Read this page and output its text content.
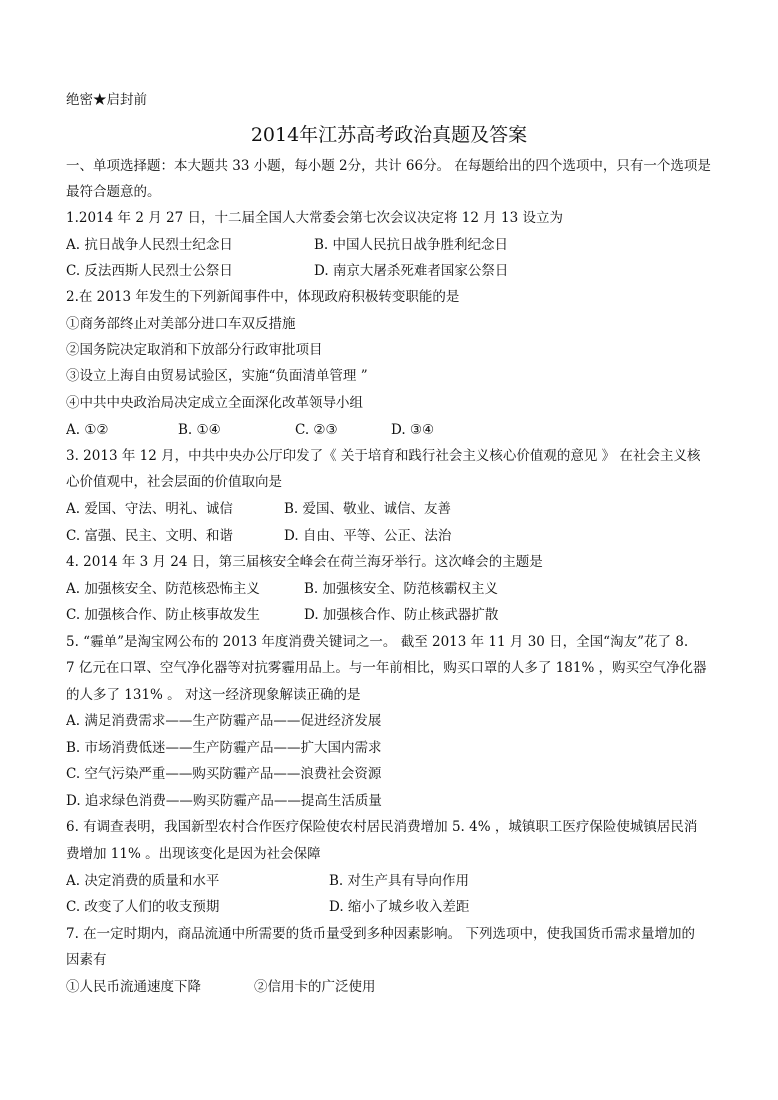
绝密★启封前
2014年江苏高考政治真题及答案
一、单项选择题：本大题共 33 小题，每小题 2分，共计 66分。 在每题给出的四个选项中，只有一个选项是
最符合题意的。
1.2014 年 2 月 27 日，十二届全国人大常委会第七次会议决定将 12 月 13 设立为
A. 抗日战争人民烈士纪念日	B. 中国人民抗日战争胜利纪念日
C. 反法西斯人民烈士公祭日	D. 南京大屠杀死难者国家公祭日
2.在 2013 年发生的下列新闻事件中，体现政府积极转变职能的是
①商务部终止对美部分进口车双反措施
②国务院决定取消和下放部分行政审批项目
③设立上海自由贸易试验区，实施“负面清单管理 ”
④中共中央政治局决定成立全面深化改革领导小组
A. ①②	B. ①④	C. ②③	D. ③④
3. 2013 年 12 月，中共中央办公厅印发了《 关于培育和践行社会主义核心价值观的意见 》 在社会主义核
心价值观中，社会层面的价值取向是
A. 爱国、守法、明礼、诚信	B. 爱国、敬业、诚信、友善
C. 富强、民主、文明、和谐	D. 自由、平等、公正、法治
4. 2014 年 3 月 24 日，第三届核安全峰会在荷兰海牙举行。这次峰会的主题是
A. 加强核安全、防范核恐怖主义	B. 加强核安全、防范核霸权主义
C. 加强核合作、防止核事故发生	D. 加强核合作、防止核武器扩散
5. “霾单”是淘宝网公布的 2013 年度消费关键词之一。 截至 2013 年 11 月 30 日，全国“淘友”花了 8.
7 亿元在口罩、空气净化器等对抗雾霾用品上。与一年前相比，购买口罩的人多了 181% ，购买空气净化器
的人多了 131% 。 对这一经济现象解读正确的是
A. 满足消费需求——生产防霾产品——促进经济发展
B. 市场消费低迷——生产防霾产品——扩大国内需求
C. 空气污染严重——购买防霾产品——浪费社会资源
D. 追求绿色消费——购买防霾产品——提高生活质量
6. 有调查表明，我国新型农村合作医疗保险使农村居民消费增加 5. 4% ，城镇职工医疗保险使城镇居民消
费增加 11% 。出现该变化是因为社会保障
A. 决定消费的质量和水平	B. 对生产具有导向作用
C. 改变了人们的收支预期	D. 缩小了城乡收入差距
7. 在一定时期内，商品流通中所需要的货币量受到多种因素影响。 下列选项中，使我国货币需求量增加的
因素有
①人民币流通速度下降	②信用卡的广泛使用
